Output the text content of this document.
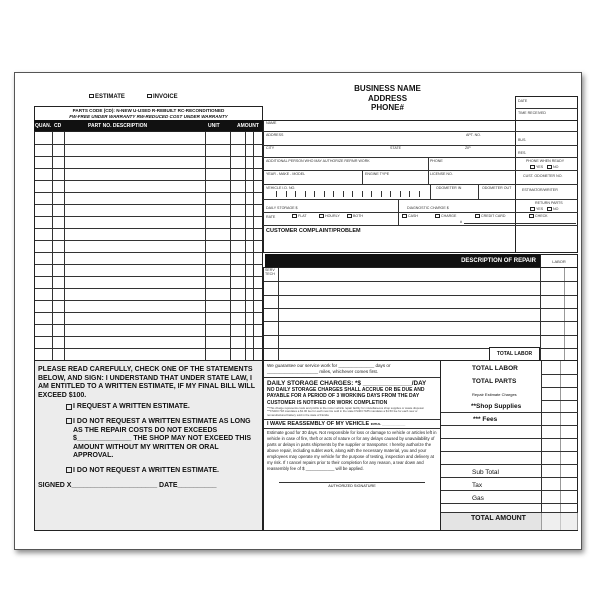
ESTIMATE	INVOICE
BUSINESS NAME
ADDRESS
PHONE#
PARTS CODE (CD): N-NEW U-USED R-REBUILT RC-RECONDITIONED
FW-FREE UNDER WARRANTY RW-REDUCED COST UNDER WARRANTY
QUAN. CD	PART NO. DESCRIPTION	UNIT	AMOUNT
DATE
TIME RECEIVED
NAME
ADDRESS	APT. NO.
BUS.
CITY	STATE	ZIP
RES.
ADDITIONAL PERSON WHO MAY AUTHORIZE REPAIR WORK	PHONE	PHONE WHEN READY
YES	NO
YEAR - MAKE - MODEL	ENGINE TYPE	LICENSE NO.	CUST. ODOMETER NO.
VEHICLE I.D. NO.	ODOMETER IN	ODOMETER OUT	ESTIMATOR/WRITER
DAILY STORAGE $	DIAGNOSTIC CHARGE $
RETURN PARTS
YES	NO
RATE	FLAT	HOURLY	BOTH	CASH	CHARGE	CREDIT CARD	CHECK
#
CUSTOMER COMPLAINT/PROBLEM
DESCRIPTION OF REPAIR	LABOR
SERV TECH
TOTAL LABOR
PLEASE READ CAREFULLY, CHECK ONE OF THE STATEMENTS BELOW, AND SIGN: I UNDERSTAND THAT UNDER STATE LAW, I AM ENTITLED TO A WRITTEN ESTIMATE, IF MY FINAL BILL WILL EXCEED $100.
I REQUEST A WRITTEN ESTIMATE.
I DO NOT REQUEST A WRITTEN ESTIMATE AS LONG AS THE REPAIR COSTS DO NOT EXCEEDS $______________ THE SHOP MAY NOT EXCEED THIS AMOUNT WITHOUT MY WRITTEN OR ORAL APPROVAL.
I DO NOT REQUEST A WRITTEN ESTIMATE.
SIGNED X______________________ DATE__________
We guarantee our service work for ______________ days or ____________________ miles, whichever comes first.
DAILY STORAGE CHARGES: *$ ______________/DAY
NO DAILY STORAGE CHARGES SHALL ACCRUE OR BE DUE AND PAYABLE FOR A PERIOD OF 3 WORKING DAYS FROM THE DAY CUSTOMER IS NOTIFIED OR WORK COMPLETION
**This charge represents costs and profits to the motor vehicle repair facility for miscellaneous shop supplies or waste disposal. ***FS403.718 mandates a $1.00 fee for each new tire sold in the state FS403.7185 mandates a $1.50 fee for each new or remanufactured battery sold in the state of Florida
I WAVE REASSEMBLY OF MY VEHICLE INITIAL ______________
Estimate good for 30 days. Not responsible for loss or damage to vehicle or articles left in vehicle in case of fire, theft or acts of nature or for any delays caused by unavailability of parts or delays in parts shipments by the supplier or transporter. I hereby authorize the above repair, including sublet work, along with the necessary material, you and your employees may operate my vehicle for the purpose of testing, inspection and delivery at my risk. If I cancel repairs prior to their completion for any reason, a tear down and reassembly fee of $ ____________ will be applied.
AUTHORIZED SIGNATURE
TOTAL LABOR
TOTAL PARTS
Repair Estimate Charges
**Shop Supplies
*** Fees
Sub Total
Tax
Gas
TOTAL AMOUNT
